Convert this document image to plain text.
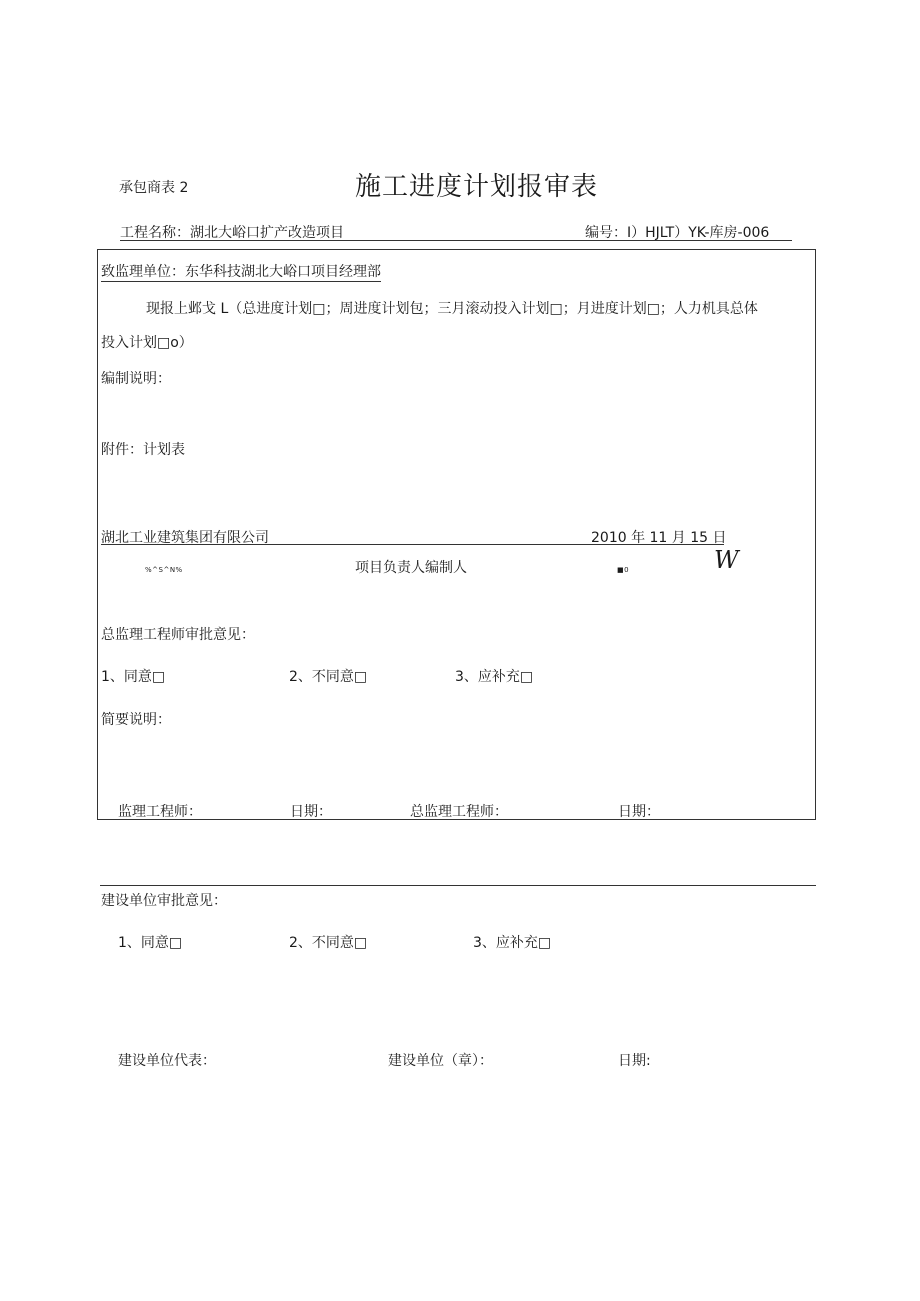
承包商表 2	施工进度计划报审表
工程名称：湖北大峪口扩产改造项目	编号：I）HJLT）YK-库房-006
致监理单位：东华科技湖北大峪口项目经理部
现报上邺戈 L（总进度计划□；周进度计划包；三月滚动投入计划□；月进度计划□；人力机具总体
投入计划□o）
编制说明：
附件：计划表
湖北工业建筑集团有限公司	2010 年 11 月 15 日
%^S^N%	项目负责人编制人	■0	W
总监理工程师审批意见：
1、同意□	2、不同意□	3、应补充□
简要说明：
监理工程师：	日期：	总监理工程师：	日期：
建设单位审批意见：
1、同意□	2、不同意□	3、应补充□
建设单位代表：	建设单位（章）：	日期:
